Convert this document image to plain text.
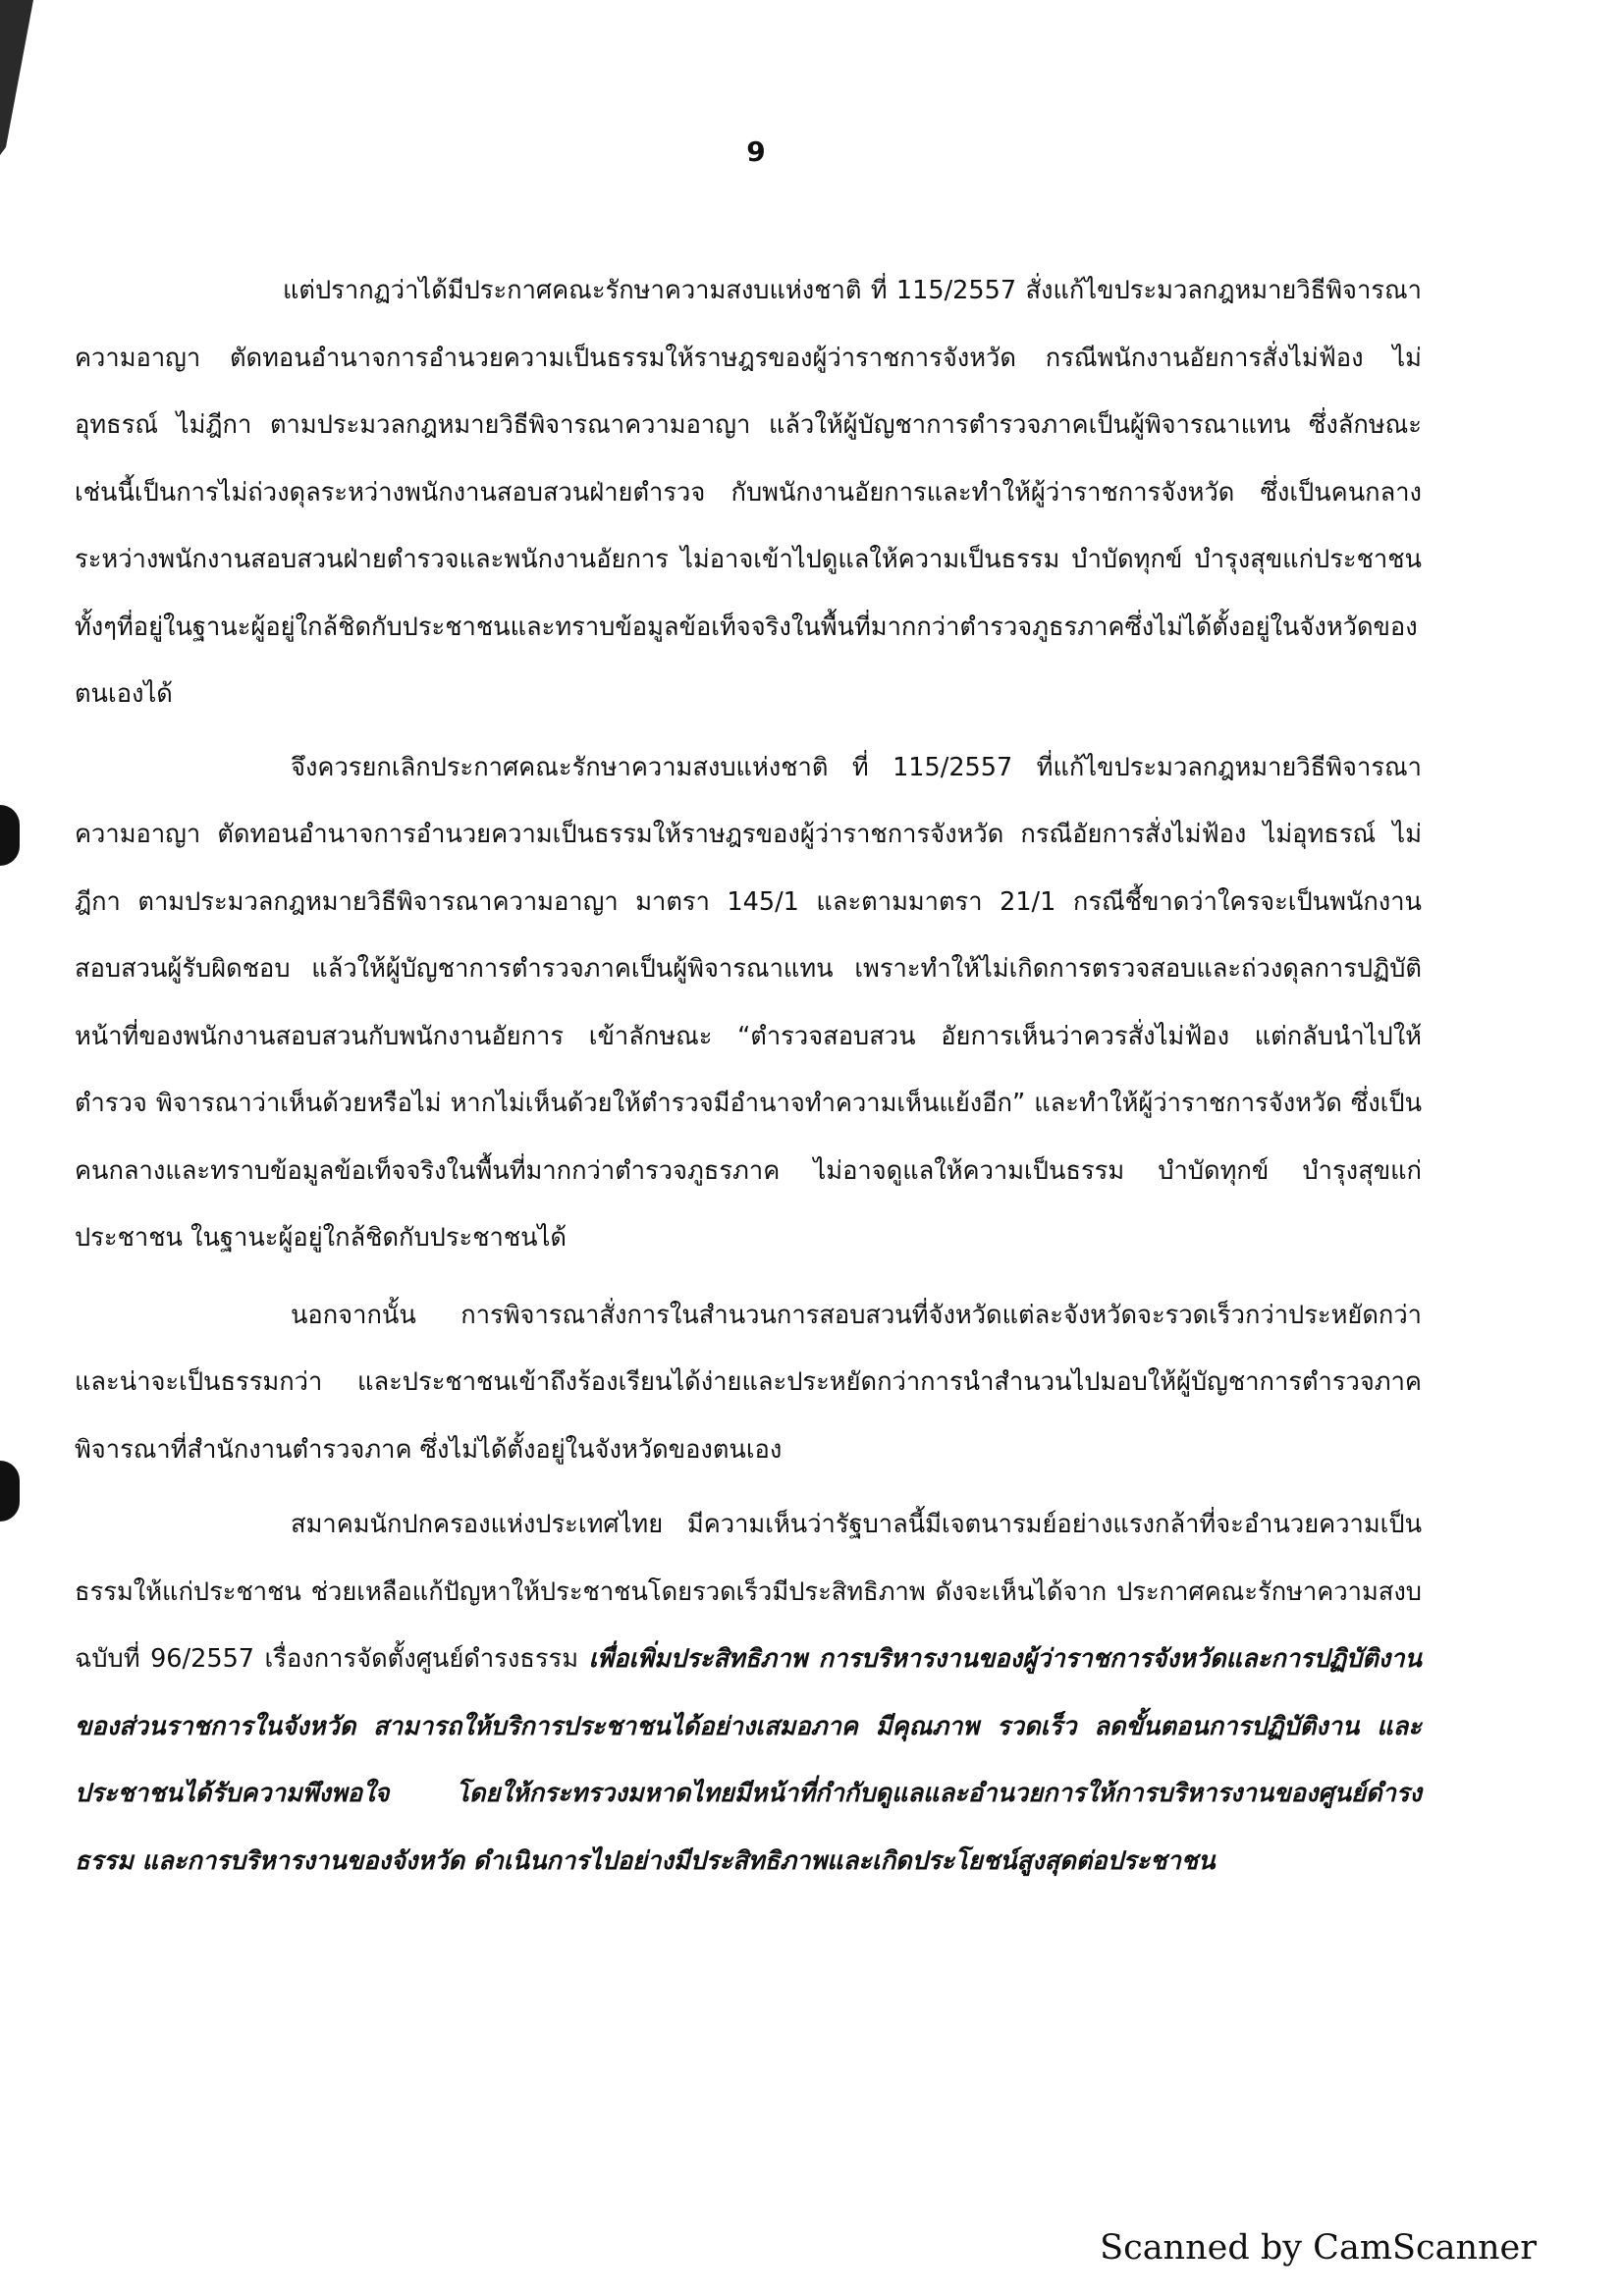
9

แต่ปรากฏว่าได้มีประกาศคณะรักษาความสงบแห่งชาติ ที่ 115/2557 สั่งแก้ไขประมวลกฎหมายวิธีพิจารณาความอาญา ตัดทอนอำนาจการอำนวยความเป็นธรรมให้ราษฎรของผู้ว่าราชการจังหวัด กรณีพนักงานอัยการสั่งไม่ฟ้อง ไม่อุทธรณ์ ไม่ฎีกา ตามประมวลกฎหมายวิธีพิจารณาความอาญา แล้วให้ผู้บัญชาการตำรวจภาคเป็นผู้พิจารณาแทน ซึ่งลักษณะเช่นนี้เป็นการไม่ถ่วงดุลระหว่างพนักงานสอบสวนฝ่ายตำรวจ กับพนักงานอัยการและทำให้ผู้ว่าราชการจังหวัด ซึ่งเป็นคนกลางระหว่างพนักงานสอบสวนฝ่ายตำรวจและพนักงานอัยการ ไม่อาจเข้าไปดูแลให้ความเป็นธรรม บำบัดทุกข์ บำรุงสุขแก่ประชาชน ทั้งๆที่อยู่ในฐานะผู้อยู่ใกล้ชิดกับประชาชนและทราบข้อมูลข้อเท็จจริงในพื้นที่มากกว่าตำรวจภูธรภาคซึ่งไม่ได้ตั้งอยู่ในจังหวัดของตนเองได้

จึงควรยกเลิกประกาศคณะรักษาความสงบแห่งชาติ ที่ 115/2557 ที่แก้ไขประมวลกฎหมายวิธีพิจารณาความอาญา ตัดทอนอำนาจการอำนวยความเป็นธรรมให้ราษฎรของผู้ว่าราชการจังหวัด กรณีอัยการสั่งไม่ฟ้อง ไม่อุทธรณ์ ไม่ฎีกา ตามประมวลกฎหมายวิธีพิจารณาความอาญา มาตรา 145/1 และตามมาตรา 21/1 กรณีชี้ขาดว่าใครจะเป็นพนักงานสอบสวนผู้รับผิดชอบ แล้วให้ผู้บัญชาการตำรวจภาคเป็นผู้พิจารณาแทน เพราะทำให้ไม่เกิดการตรวจสอบและถ่วงดุลการปฏิบัติหน้าที่ของพนักงานสอบสวนกับพนักงานอัยการ เข้าลักษณะ “ตำรวจสอบสวน อัยการเห็นว่าควรสั่งไม่ฟ้อง แต่กลับนำไปให้ตำรวจ พิจารณาว่าเห็นด้วยหรือไม่ หากไม่เห็นด้วยให้ตำรวจมีอำนาจทำความเห็นแย้งอีก” และทำให้ผู้ว่าราชการจังหวัด ซึ่งเป็นคนกลางและทราบข้อมูลข้อเท็จจริงในพื้นที่มากกว่าตำรวจภูธรภาค ไม่อาจดูแลให้ความเป็นธรรม บำบัดทุกข์ บำรุงสุขแก่ประชาชน ในฐานะผู้อยู่ใกล้ชิดกับประชาชนได้

นอกจากนั้น การพิจารณาสั่งการในสำนวนการสอบสวนที่จังหวัดแต่ละจังหวัดจะรวดเร็วกว่าประหยัดกว่าและน่าจะเป็นธรรมกว่า และประชาชนเข้าถึงร้องเรียนได้ง่ายและประหยัดกว่าการนำสำนวนไปมอบให้ผู้บัญชาการตำรวจภาค พิจารณาที่สำนักงานตำรวจภาค ซึ่งไม่ได้ตั้งอยู่ในจังหวัดของตนเอง

สมาคมนักปกครองแห่งประเทศไทย มีความเห็นว่ารัฐบาลนี้มีเจตนารมย์อย่างแรงกล้าที่จะอำนวยความเป็นธรรมให้แก่ประชาชน ช่วยเหลือแก้ปัญหาให้ประชาชนโดยรวดเร็วมีประสิทธิภาพ ดังจะเห็นได้จาก ประกาศคณะรักษาความสงบ ฉบับที่ 96/2557 เรื่องการจัดตั้งศูนย์ดำรงธรรม เพื่อเพิ่มประสิทธิภาพ การบริหารงานของผู้ว่าราชการจังหวัดและการปฏิบัติงานของส่วนราชการในจังหวัด สามารถให้บริการประชาชนได้อย่างเสมอภาค มีคุณภาพ รวดเร็ว ลดขั้นตอนการปฏิบัติงาน และประชาชนได้รับความพึงพอใจ โดยให้กระทรวงมหาดไทยมีหน้าที่กำกับดูแลและอำนวยการให้การบริหารงานของศูนย์ดำรงธรรม และการบริหารงานของจังหวัด ดำเนินการไปอย่างมีประสิทธิภาพและเกิดประโยชน์สูงสุดต่อประชาชน

Scanned by CamScanner
